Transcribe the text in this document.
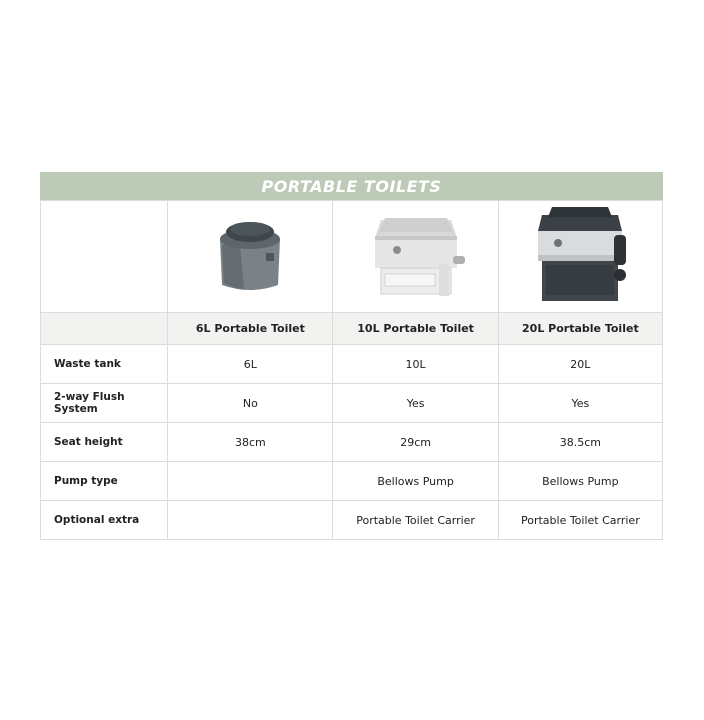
PORTABLE TOILETS

	6L Portable Toilet	10L Portable Toilet	20L Portable Toilet
Waste tank	6L	10L	20L
2-way Flush System	No	Yes	Yes
Seat height	38cm	29cm	38.5cm
Pump type		Bellows Pump	Bellows Pump
Optional extra		Portable Toilet Carrier	Portable Toilet Carrier
